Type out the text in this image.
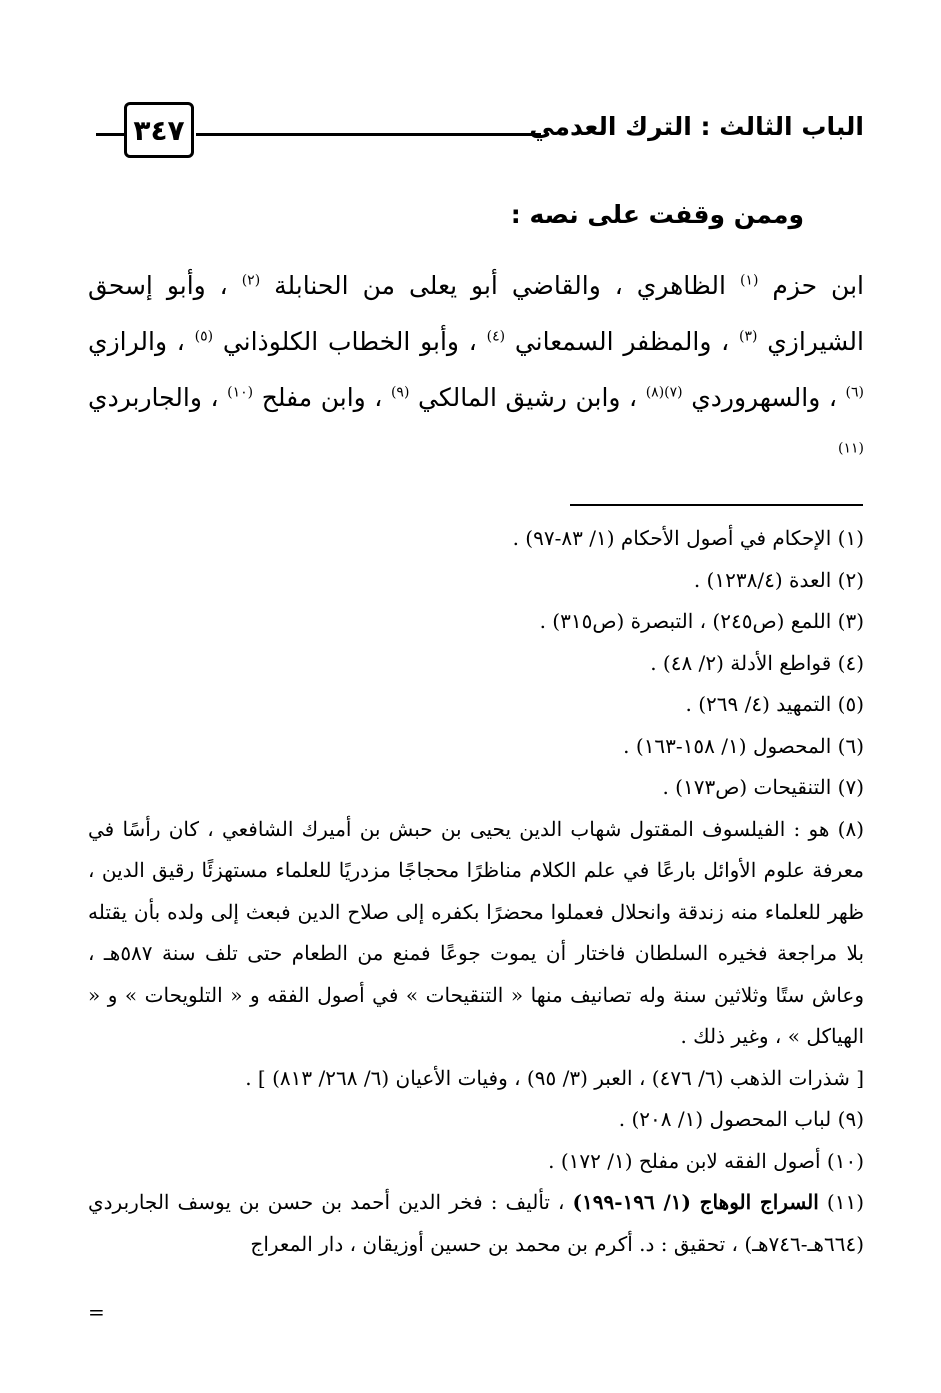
٣٤٧	الباب الثالث : الترك العدمي
وممن وقفت على نصه :
ابن حزم $^{(١)}$ الظاهري ، والقاضي أبو يعلى من الحنابلة $^{(٢)}$ ، وأبو إسحق الشيرازي $^{(٣)}$ ، والمظفر السمعاني $^{(٤)}$ ، وأبو الخطاب الكلوذاني $^{(٥)}$ ، والرازي $^{(٦)}$ ، والسهروردي $^{(٧)(٨)}$ ، وابن رشيق المالكي $^{(٩)}$ ، وابن مفلح $^{(١٠)}$ ، والجاربردي $^{(١١)}$

(١) الإحكام في أصول الأحكام (١/ ٨٣-٩٧) .

(٢) العدة (١٢٣٨/٤) .

(٣) اللمع (ص٢٤٥) ، التبصرة (ص٣١٥) .

(٤) قواطع الأدلة (٢/ ٤٨) .

(٥) التمهيد (٤/ ٢٦٩) .

(٦) المحصول (١/ ١٥٨-١٦٣) .

(٧) التنقيحات (ص١٧٣) .

(٨) هو : الفيلسوف المقتول شهاب الدين يحيى بن حبش بن أميرك الشافعي ، كان رأسًا في معرفة علوم الأوائل بارعًا في علم الكلام مناظرًا محجاجًا مزدريًا للعلماء مستهزئًا رقيق الدين ، ظهر للعلماء منه زندقة وانحلال فعملوا محضرًا بكفره إلى صلاح الدين فبعث إلى ولده بأن يقتله بلا مراجعة فخيره السلطان فاختار أن يموت جوعًا فمنع من الطعام حتى تلف سنة ٥٨٧هـ ، وعاش ستًا وثلاثين سنة وله تصانيف منها « التنقيحات » في أصول الفقه و « التلويحات » و « الهياكل » ، وغير ذلك .

[ شذرات الذهب (٦/ ٤٧٦) ، العبر (٣/ ٩٥) ، وفيات الأعيان (٦/ ٢٦٨/ ٨١٣) ] .

(٩) لباب المحصول (١/ ٢٠٨) .

(١٠) أصول الفقه لابن مفلح (١/ ١٧٢) .

(١١) السراج الوهاج (١/ ١٩٦-١٩٩) ، تأليف : فخر الدين أحمد بن حسن بن يوسف الجاربردي (٦٦٤هـ-٧٤٦هـ) ، تحقيق : د. أكرم بن محمد بن حسين أوزيقان ، دار المعراج

=
